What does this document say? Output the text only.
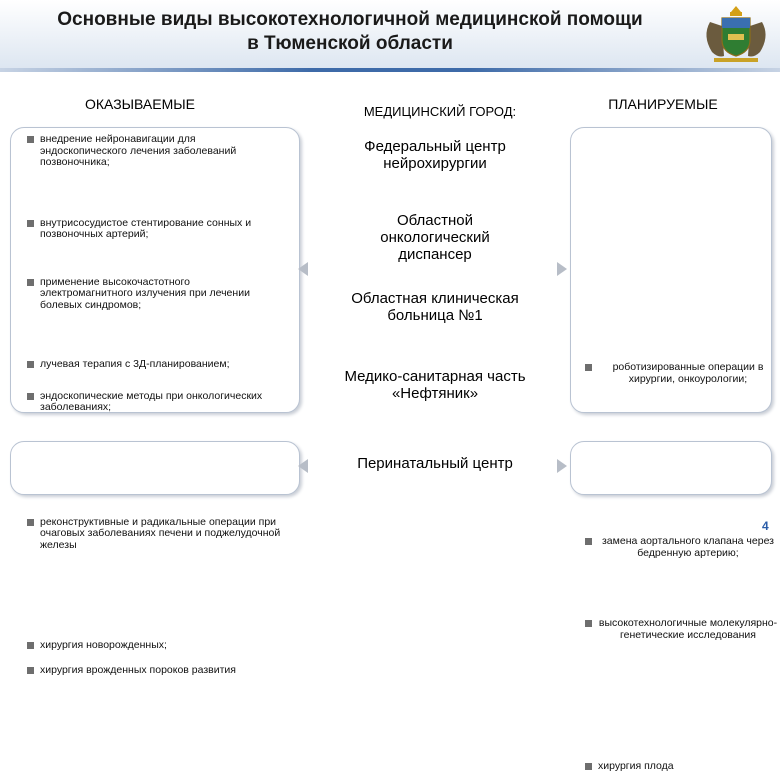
Основные виды высокотехнологичной медицинской помощи
в Тюменской области
ОКАЗЫВАЕМЫЕ	МЕДИЦИНСКИЙ ГОРОД:	ПЛАНИРУЕМЫЕ
внедрение нейронавигации для эндоскопического лечения заболеваний позвоночника;
внутрисосудистое стентирование сонных и позвоночных артерий;
применение высокочастотного электромагнитного излучения при лечении болевых синдромов;
лучевая терапия с 3Д-планированием;
эндоскопические методы при онкологических заболеваниях;
реконструктивные и радикальные операции при очаговых заболеваниях печени и поджелудочной железы
хирургия новорожденных;
хирургия врожденных пороков развития
Федеральный центр нейрохирургии
Областной онкологический диспансер
Областная клиническая больница №1
Медико-санитарная часть «Нефтяник»
Перинатальный центр
роботизированные операции в хирургии, онкоурологии;
замена аортального клапана через бедренную артерию;
высокотехнологичные молекулярно-генетические исследования
хирургия плода
4
